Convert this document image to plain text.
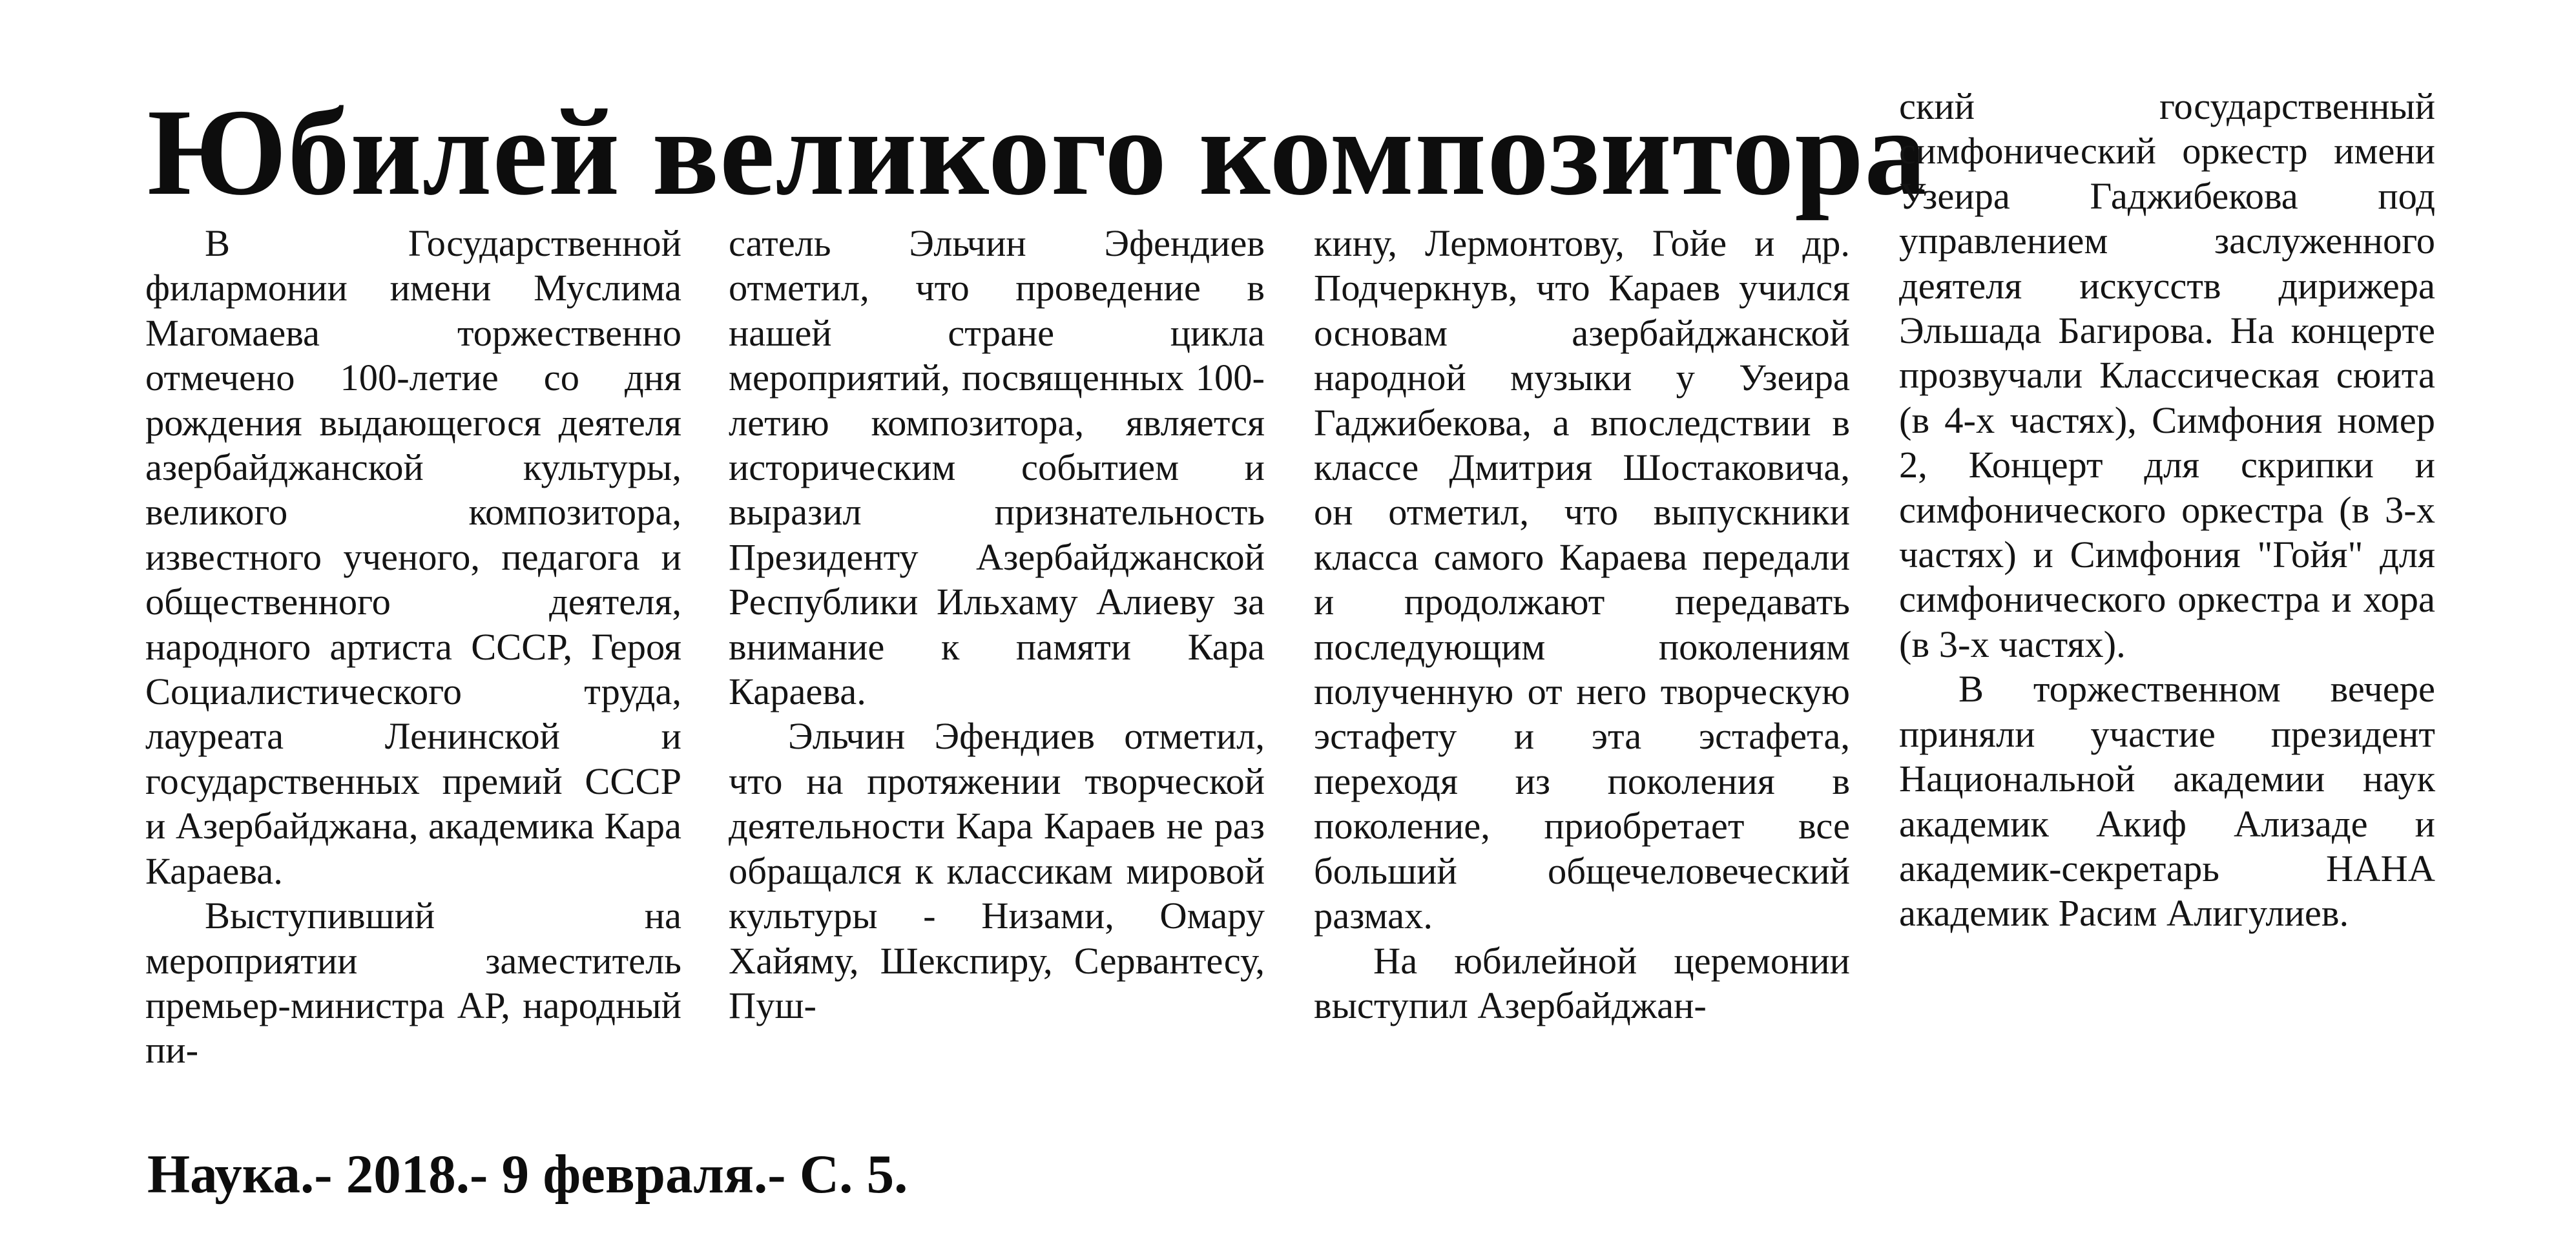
Юбилей великого композитора

В Государственной филармонии имени Муслима Магомаева торжественно отмечено 100-летие со дня рождения выдающегося деятеля азербайджанской культуры, великого композитора, известного ученого, педагога и общественного деятеля, народного артиста СССР, Героя Социалистического труда, лауреата Ленинской и государственных премий СССР и Азербайджана, академика Кара Караева.

Выступивший на мероприятии заместитель премьер-министра АР, народный пи-

сатель Эльчин Эфендиев отметил, что проведение в нашей стране цикла мероприятий, посвященных 100-летию композитора, является историческим событием и выразил признательность Президенту Азербайджанской Республики Ильхаму Алиеву за внимание к памяти Кара Караева.

Эльчин Эфендиев отметил, что на протяжении творческой деятельности Кара Караев не раз обращался к классикам мировой культуры - Низами, Омару Хайяму, Шекспиру, Сервантесу, Пуш-

кину, Лермонтову, Гойе и др. Подчеркнув, что Караев учился основам азербайджанской народной музыки у Узеира Гаджибекова, а впоследствии в классе Дмитрия Шостаковича, он отметил, что выпускники класса самого Караева передали и продолжают передавать последующим поколениям полученную от него творческую эстафету и эта эстафета, переходя из поколения в поколение, приобретает все больший общечеловеческий размах.

На юбилейной церемонии выступил Азербайджан-

ский государственный симфонический оркестр имени Узеира Гаджибекова под управлением заслуженного деятеля искусств дирижера Эльшада Багирова. На концерте прозвучали Классическая сюита (в 4-х частях), Симфония номер 2, Концерт для скрипки и симфонического оркестра (в 3-х частях) и Симфония "Гойя" для симфонического оркестра и хора (в 3-х частях).

В торжественном вечере приняли участие президент Национальной академии наук академик Акиф Ализаде и академик-секретарь НАНА академик Расим Алигулиев.

Наука.- 2018.- 9 февраля.- С. 5.
